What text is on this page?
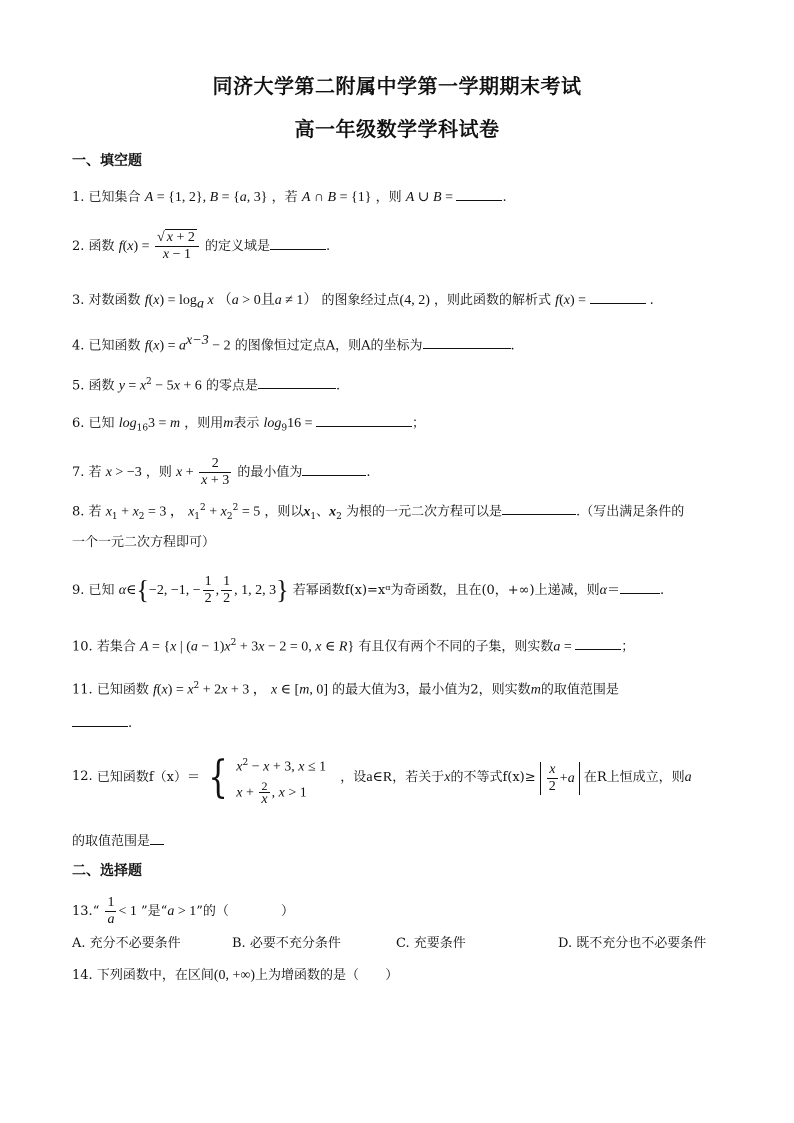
同济大学第二附属中学第一学期期末考试
高一年级数学学科试卷
一、填空题
1. 已知集合 A = {1, 2}, B = {a, 3} ，若 A ∩ B = {1} ，则 A ∪ B =	.
2. 函数 $f(x) = \frac{√ x + 2}{x - 1}$ 的定义域是	.
3. 对数函数 $f(x) = \log_a x$ （a > 0且a ≠ 1） 的图象经过点(4, 2) ，则此函数的解析式 f(x) =	.
4. 已知函数 $f(x) = a^{x-3} - 2$ 的图像恒过定点A，则A的坐标为	.
5. 函数 $y = x^2 - 5x + 6$ 的零点是	.
6. 已知 $\log_{16}3 = m$ ，则用m表示 $\log_916$ =	；
7. 若 x > −3 ，则 $x + \frac{2}{x + 3}$ 的最小值为	.
8. 若 $x_1 + x_2 = 3$ ， $x_1^2 + x_2^2 = 5$ ，则以$x_1$、$x_2$ 为根的一元二次方程可以是	.（写出满足条件的
一个一元二次方程即可）
9. 已知 α∈{−2, −1, − $\frac{1}{2}$ , $\frac{1}{2}$ , 1, 2, 3} 若幂函数f(x)=xᵅ为奇函数，且在(0，+∞)上递减，则α＝	.
10. 若集合 A = {x | $(a - 1)x^2 + 3x - 2 = 0$, x ∈ R} 有且仅有两个不同的子集，则实数a =	；
11. 已知函数 $f(x) = x^2 + 2x + 3$ ， x ∈ [m, 0] 的最大值为3，最小值为2，则实数m的取值范围是
.
12. 已知函数f（x）＝ { $x^2 - x + 3$, x ≤ 1
$x + \frac{2}{x}$ , x > 1
，设a∈R，若关于x的不等式$f(x)\ge \frac{x}{2} +a$ 在R上恒成立，则a
的取值范围是
二、选择题
13.“ $\frac{1}{a} < 1$ ”是“a > 1”的（	）
A. 充分不必要条件	B. 必要不充分条件	C. 充要条件	D. 既不充分也不必要条件
14. 下列函数中，在区间(0, +∞)上为增函数的是（ ）
